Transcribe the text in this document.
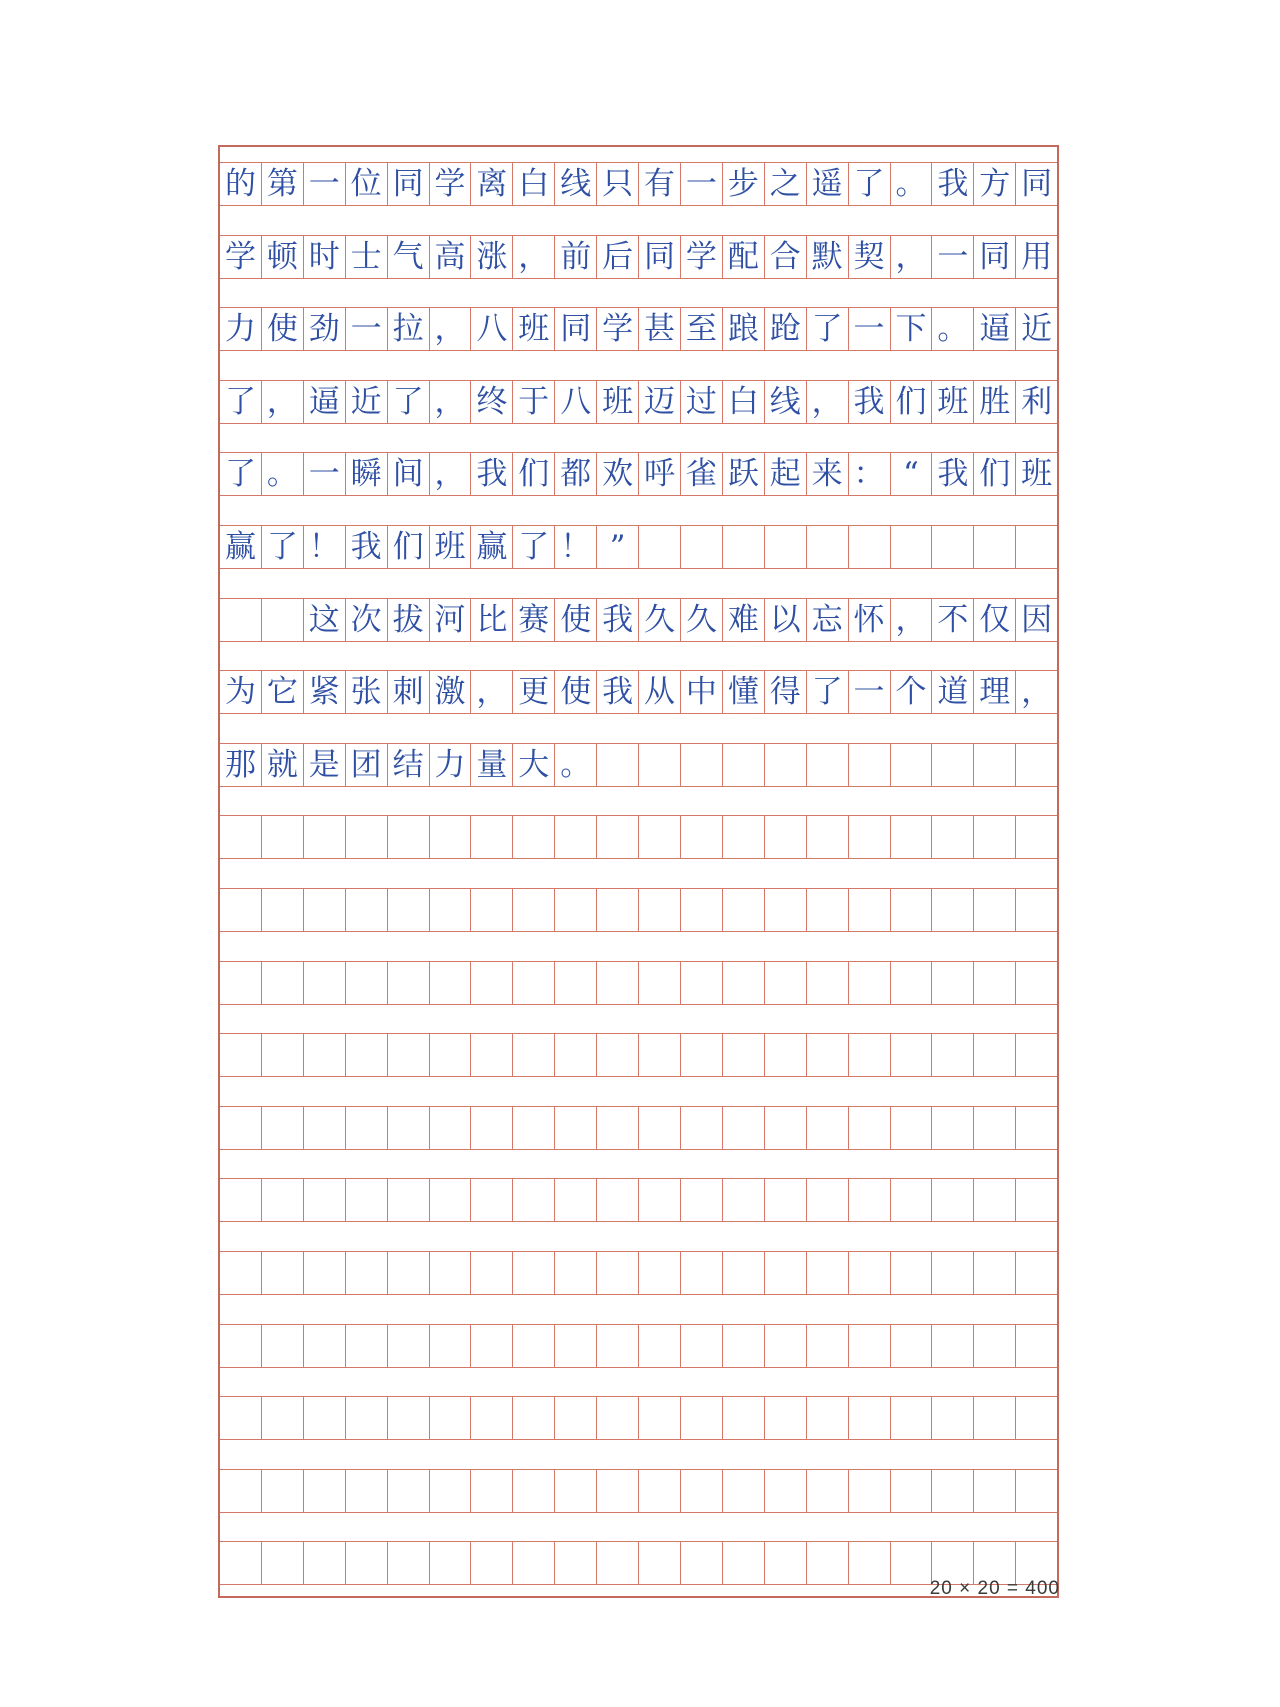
的 第 一 位 同 学 离 白 线 只 有 一 步 之 遥 了 。 我 方 同
学 顿 时 士 气 高 涨 ， 前 后 同 学 配 合 默 契 ， 一 同 用
力 使 劲 一 拉 ， 八 班 同 学 甚 至 踉 跄 了 一 下 。 逼 近
了 ， 逼 近 了 ， 终 于 八 班 迈 过 白 线 ， 我 们 班 胜 利
了 。 一 瞬 间 ， 我 们 都 欢 呼 雀 跃 起 来 ： “ 我 们 班
赢 了 ！ 我 们 班 赢 了 ！ ”
这 次 拔 河 比 赛 使 我 久 久 难 以 忘 怀 ， 不 仅 因
为 它 紧 张 刺 激 ， 更 使 我 从 中 懂 得 了 一 个 道 理 ，
那 就 是 团 结 力 量 大 。
20 × 20 = 400
